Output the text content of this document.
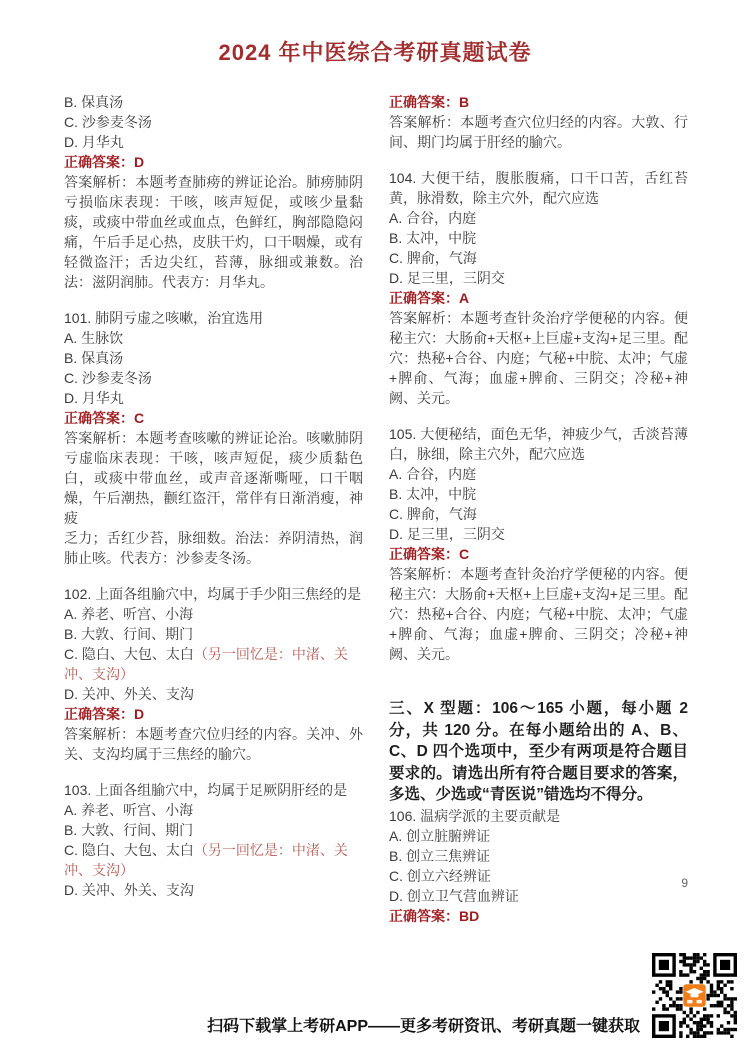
2024 年中医综合考研真题试卷
B. 保真汤
C. 沙参麦冬汤
D. 月华丸
正确答案：D
答案解析：本题考查肺痨的辨证论治。肺痨肺阴亏损临床表现：干咳，咳声短促，或咳少量黏痰，或痰中带血丝或血点，色鲜红，胸部隐隐闷痛，午后手足心热，皮肤干灼，口干咽燥，或有轻微盗汗；舌边尖红，苔薄，脉细或兼数。治法：滋阴润肺。代表方：月华丸。
101. 肺阴亏虚之咳嗽，治宜选用
A. 生脉饮
B. 保真汤
C. 沙参麦冬汤
D. 月华丸
正确答案：C
答案解析：本题考查咳嗽的辨证论治。咳嗽肺阴亏虚临床表现：干咳，咳声短促，痰少质黏色白，或痰中带血丝，或声音逐渐嘶哑，口干咽燥，午后潮热，颧红盗汗，常伴有日渐消瘦，神疲
乏力；舌红少苔，脉细数。治法：养阴清热，润肺止咳。代表方：沙参麦冬汤。
102. 上面各组腧穴中，均属于手少阳三焦经的是
A. 养老、听宫、小海
B. 大敦、行间、期门
C. 隐白、大包、太白（另一回忆是：中渚、关冲、支沟）
D. 关冲、外关、支沟
正确答案：D
答案解析：本题考查穴位归经的内容。关冲、外关、支沟均属于三焦经的腧穴。
103. 上面各组腧穴中，均属于足厥阴肝经的是
A. 养老、听宫、小海
B. 大敦、行间、期门
C. 隐白、大包、太白（另一回忆是：中渚、关冲、支沟）
D. 关冲、外关、支沟
正确答案：B
答案解析：本题考查穴位归经的内容。大敦、行间、期门均属于肝经的腧穴。
104. 大便干结，腹胀腹痛，口干口苦，舌红苔黄，脉滑数，除主穴外，配穴应选
A. 合谷，内庭
B. 太冲，中脘
C. 脾俞，气海
D. 足三里，三阴交
正确答案：A
答案解析：本题考查针灸治疗学便秘的内容。便秘主穴：大肠俞+天枢+上巨虚+支沟+足三里。配穴：热秘+合谷、内庭；气秘+中脘、太冲；气虚+脾俞、气海；血虚+脾俞、三阴交；冷秘+神阙、关元。
105. 大便秘结，面色无华，神疲少气，舌淡苔薄白，脉细，除主穴外，配穴应选
A. 合谷，内庭
B. 太冲，中脘
C. 脾俞，气海
D. 足三里，三阴交
正确答案：C
答案解析：本题考查针灸治疗学便秘的内容。便秘主穴：大肠俞+天枢+上巨虚+支沟+足三里。配穴：热秘+合谷、内庭；气秘+中脘、太冲；气虚+脾俞、气海；血虚+脾俞、三阴交；冷秘+神阙、关元。
三、X 型题：106～165 小题，每小题 2 分，共 120 分。在每小题给出的 A、B、C、D 四个选项中，至少有两项是符合题目要求的。请选出所有符合题目要求的答案，多选、少选或“青医说”错选均不得分。
106. 温病学派的主要贡献是
A. 创立脏腑辨证
B. 创立三焦辨证
C. 创立六经辨证
D. 创立卫气营血辨证
正确答案：BD
9
扫码下载掌上考研APP——更多考研资讯、考研真题一键获取
